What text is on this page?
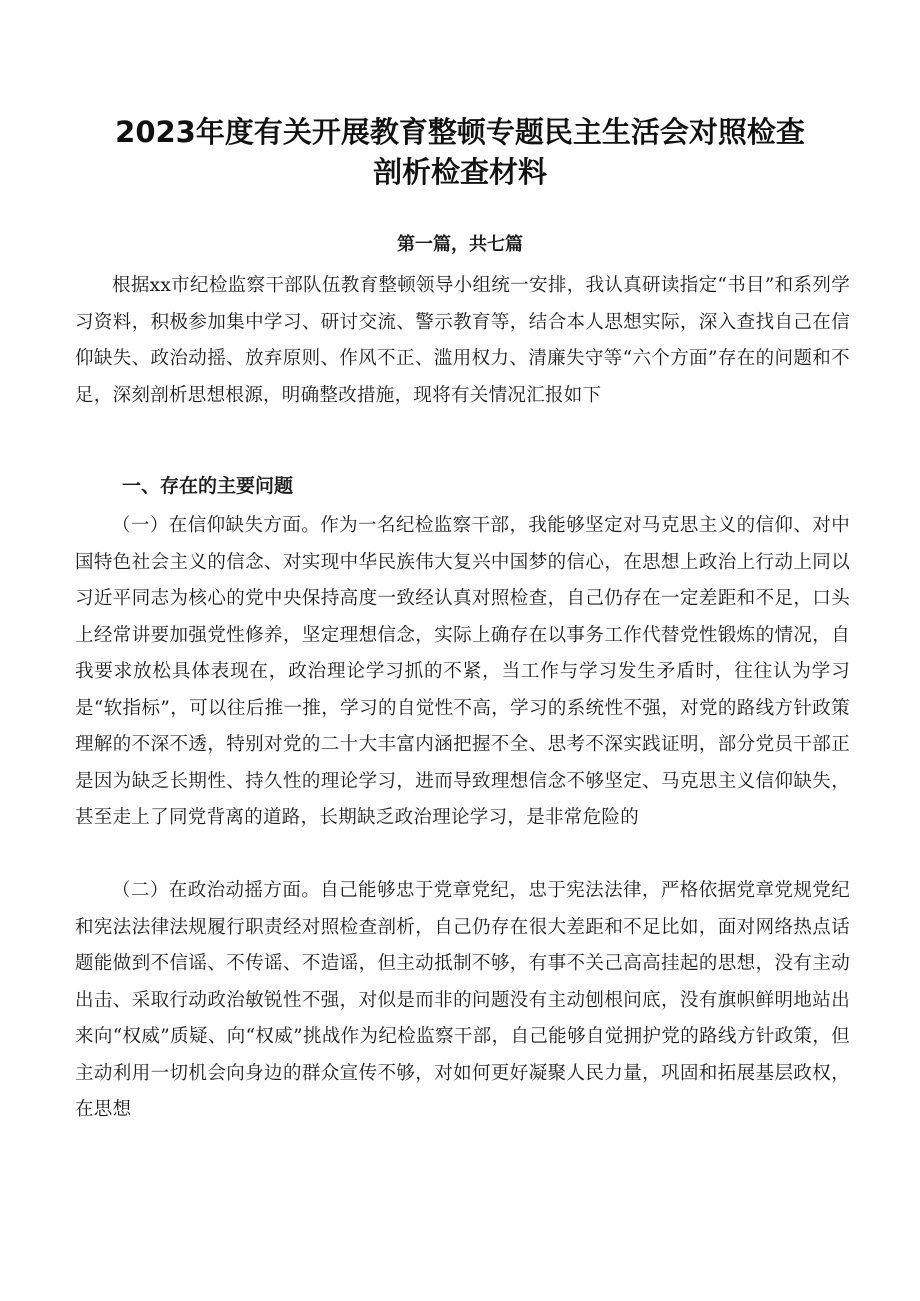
2023年度有关开展教育整顿专题民主生活会对照检查
剖析检查材料

第一篇，共七篇

根据xx市纪检监察干部队伍教育整顿领导小组统一安排，我认真研读指定“书目”和系列学习资料，积极参加集中学习、研讨交流、警示教育等，结合本人思想实际，深入查找自己在信仰缺失、政治动摇、放弃原则、作风不正、滥用权力、清廉失守等“六个方面”存在的问题和不足，深刻剖析思想根源，明确整改措施，现将有关情况汇报如下

一、存在的主要问题

（一）在信仰缺失方面。作为一名纪检监察干部，我能够坚定对马克思主义的信仰、对中国特色社会主义的信念、对实现中华民族伟大复兴中国梦的信心，在思想上政治上行动上同以习近平同志为核心的党中央保持高度一致经认真对照检查，自己仍存在一定差距和不足，口头上经常讲要加强党性修养，坚定理想信念，实际上确存在以事务工作代替党性锻炼的情况，自我要求放松具体表现在，政治理论学习抓的不紧，当工作与学习发生矛盾时，往往认为学习是“软指标”，可以往后推一推，学习的自觉性不高，学习的系统性不强，对党的路线方针政策理解的不深不透，特别对党的二十大丰富内涵把握不全、思考不深实践证明，部分党员干部正是因为缺乏长期性、持久性的理论学习，进而导致理想信念不够坚定、马克思主义信仰缺失，甚至走上了同党背离的道路，长期缺乏政治理论学习，是非常危险的

（二）在政治动摇方面。自己能够忠于党章党纪，忠于宪法法律，严格依据党章党规党纪和宪法法律法规履行职责经对照检查剖析，自己仍存在很大差距和不足比如，面对网络热点话题能做到不信谣、不传谣、不造谣，但主动抵制不够，有事不关己高高挂起的思想，没有主动出击、采取行动政治敏锐性不强，对似是而非的问题没有主动刨根问底，没有旗帜鲜明地站出来向“权威”质疑、向“权威”挑战作为纪检监察干部，自己能够自觉拥护党的路线方针政策，但主动利用一切机会向身边的群众宣传不够，对如何更好凝聚人民力量，巩固和拓展基层政权，在思想
